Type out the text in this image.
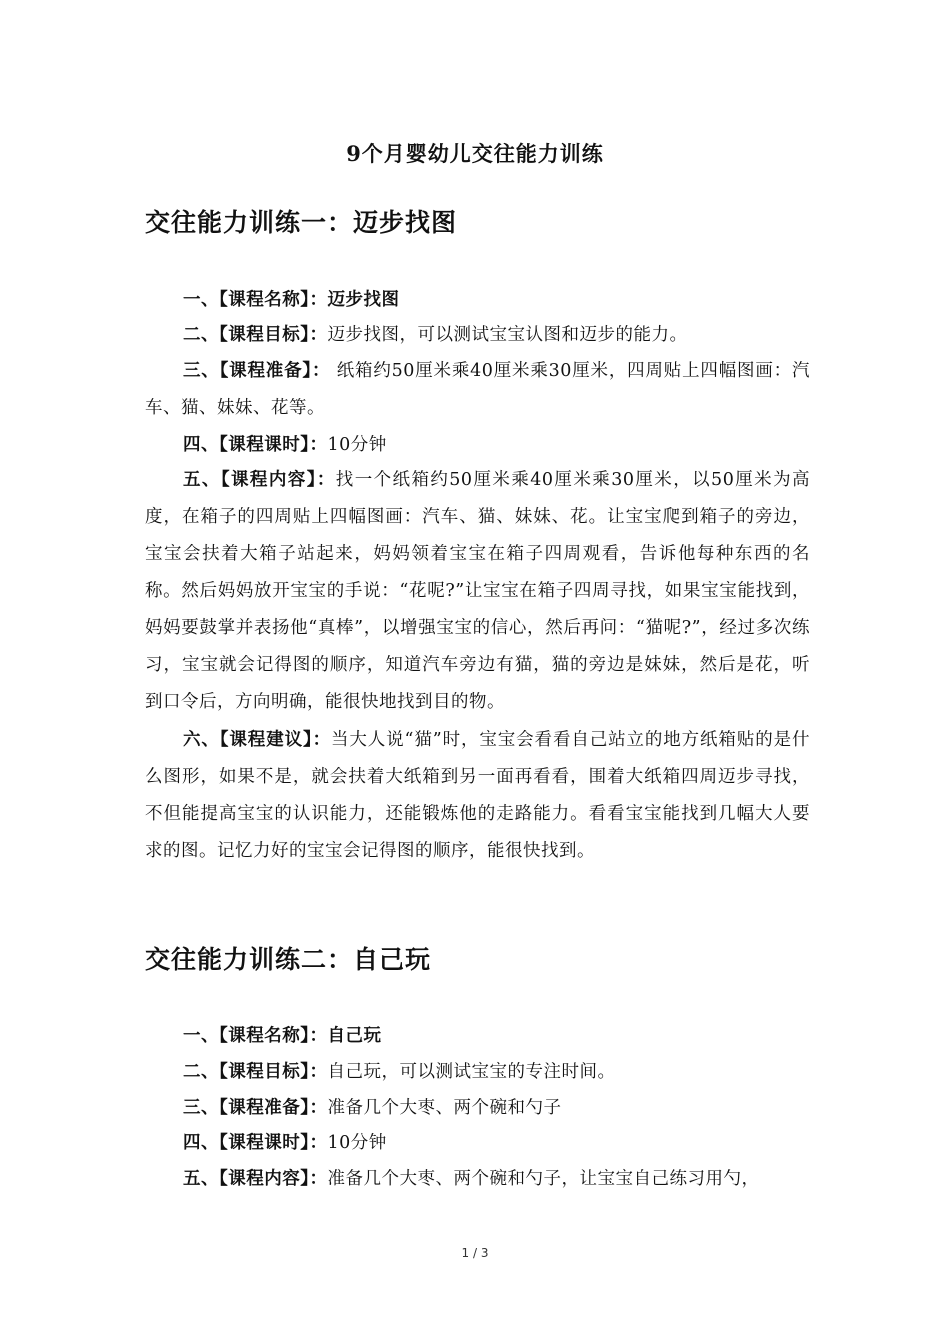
9个月婴幼儿交往能力训练
交往能力训练一：迈步找图
一、【课程名称】：迈步找图
二、【课程目标】：迈步找图，可以测试宝宝认图和迈步的能力。
三、【课程准备】： 纸箱约50厘米乘40厘米乘30厘米，四周贴上四幅图画：汽车、猫、妹妹、花等。
四、【课程课时】：10分钟
五、【课程内容】：找一个纸箱约50厘米乘40厘米乘30厘米，以50厘米为高度，在箱子的四周贴上四幅图画：汽车、猫、妹妹、花。让宝宝爬到箱子的旁边，宝宝会扶着大箱子站起来，妈妈领着宝宝在箱子四周观看，告诉他每种东西的名称。然后妈妈放开宝宝的手说：“花呢?”让宝宝在箱子四周寻找，如果宝宝能找到，妈妈要鼓掌并表扬他“真棒”，以增强宝宝的信心，然后再问：“猫呢?”，经过多次练习，宝宝就会记得图的顺序，知道汽车旁边有猫，猫的旁边是妹妹，然后是花，听到口令后，方向明确，能很快地找到目的物。
六、【课程建议】：当大人说“猫”时，宝宝会看看自己站立的地方纸箱贴的是什么图形，如果不是，就会扶着大纸箱到另一面再看看，围着大纸箱四周迈步寻找，不但能提高宝宝的认识能力，还能锻炼他的走路能力。看看宝宝能找到几幅大人要求的图。记忆力好的宝宝会记得图的顺序，能很快找到。
交往能力训练二：自己玩
一、【课程名称】：自己玩
二、【课程目标】：自己玩，可以测试宝宝的专注时间。
三、【课程准备】：准备几个大枣、两个碗和勺子
四、【课程课时】：10分钟
五、【课程内容】：准备几个大枣、两个碗和勺子，让宝宝自己练习用勺，
1 / 3
